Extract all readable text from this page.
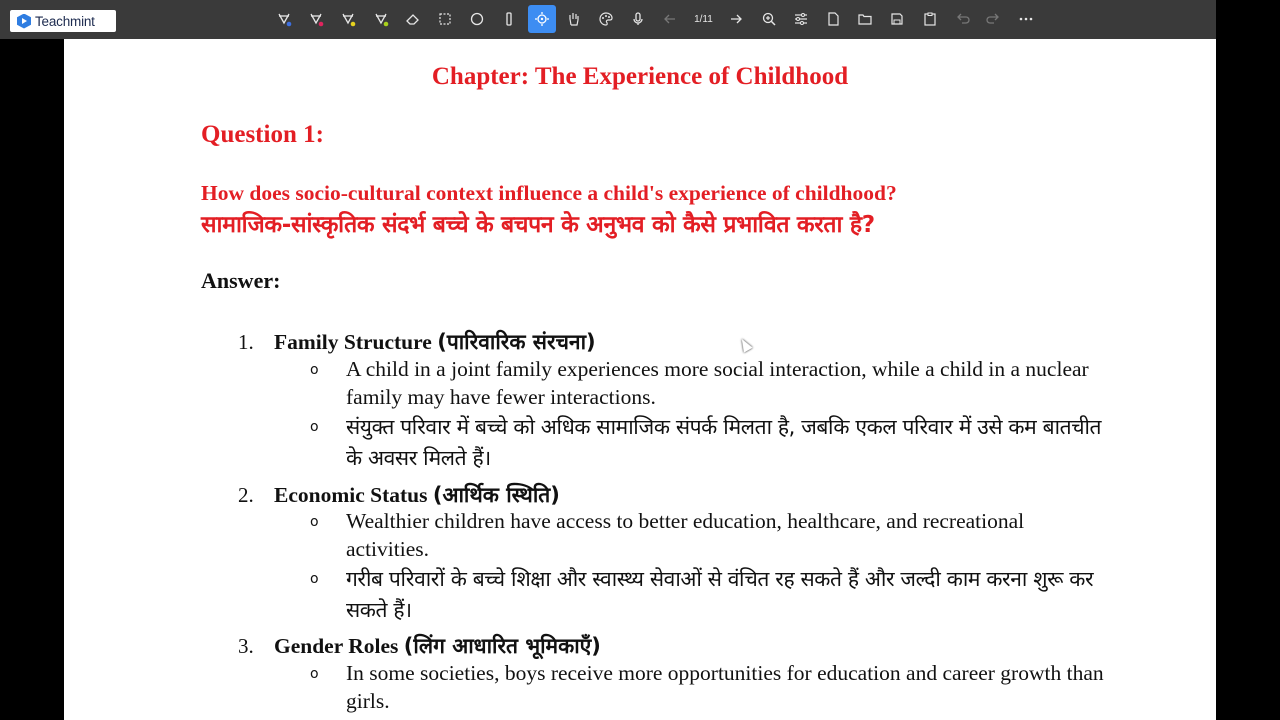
Teachmint	1/11
Chapter: The Experience of Childhood
Question 1:

How does socio-cultural context influence a child's experience of childhood?

सामाजिक-सांस्कृतिक संदर्भ बच्चे के बचपन के अनुभव को कैसे प्रभावित करता है?

Answer:

1. Family Structure (पारिवारिक संरचना)
o	A child in a joint family experiences more social interaction, while a child in a nuclear family may have fewer interactions.
o	संयुक्त परिवार में बच्चे को अधिक सामाजिक संपर्क मिलता है, जबकि एकल परिवार में उसे कम बातचीत के अवसर मिलते हैं।
2. Economic Status (आर्थिक स्थिति)
o	Wealthier children have access to better education, healthcare, and recreational activities.
o	गरीब परिवारों के बच्चे शिक्षा और स्वास्थ्य सेवाओं से वंचित रह सकते हैं और जल्दी काम करना शुरू कर सकते हैं।
3. Gender Roles (लिंग आधारित भूमिकाएँ)
o	In some societies, boys receive more opportunities for education and career growth than girls.
